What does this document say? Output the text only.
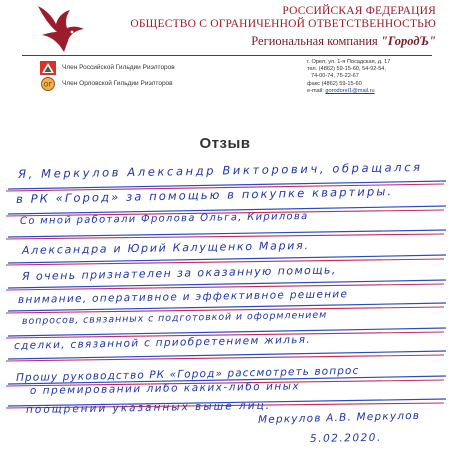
РОССИЙСКАЯ ФЕДЕРАЦИЯ
ОБЩЕСТВО С ОГРАНИЧЕННОЙ ОТВЕТСТВЕННОСТЬЮ
Региональная компания "ГородЪ"
Член Российской Гильдии Риэлторов
ОГ Член Орловской Гильдии Риэлторов
г. Орел, ул. 1-я Посадская, д. 17
тел. (4862) 59-15-60, 54-92-54,
74-00-74, 75-22-67
факс (4862) 59-15-60
e-mail: gorodorel1@mail.ru
Отзыв
Я, Меркулов Александр Викторович, обращался
в РК «Город» за помощью в покупке квартиры.
Со мной работали Фролова Ольга, Кирилова
Александра и Юрий Калущенко Мария.
Я очень признателен за оказанную помощь,
внимание, оперативное и эффективное решение
вопросов, связанных с подготовкой и оформлением
сделки, связанной с приобретением жилья.
Прошу руководство РК «Город» рассмотреть вопрос
о премировании либо каких-либо иных
поощрений указанных выше лиц.
Меркулов А.В. Меркулов
5.02.2020.
